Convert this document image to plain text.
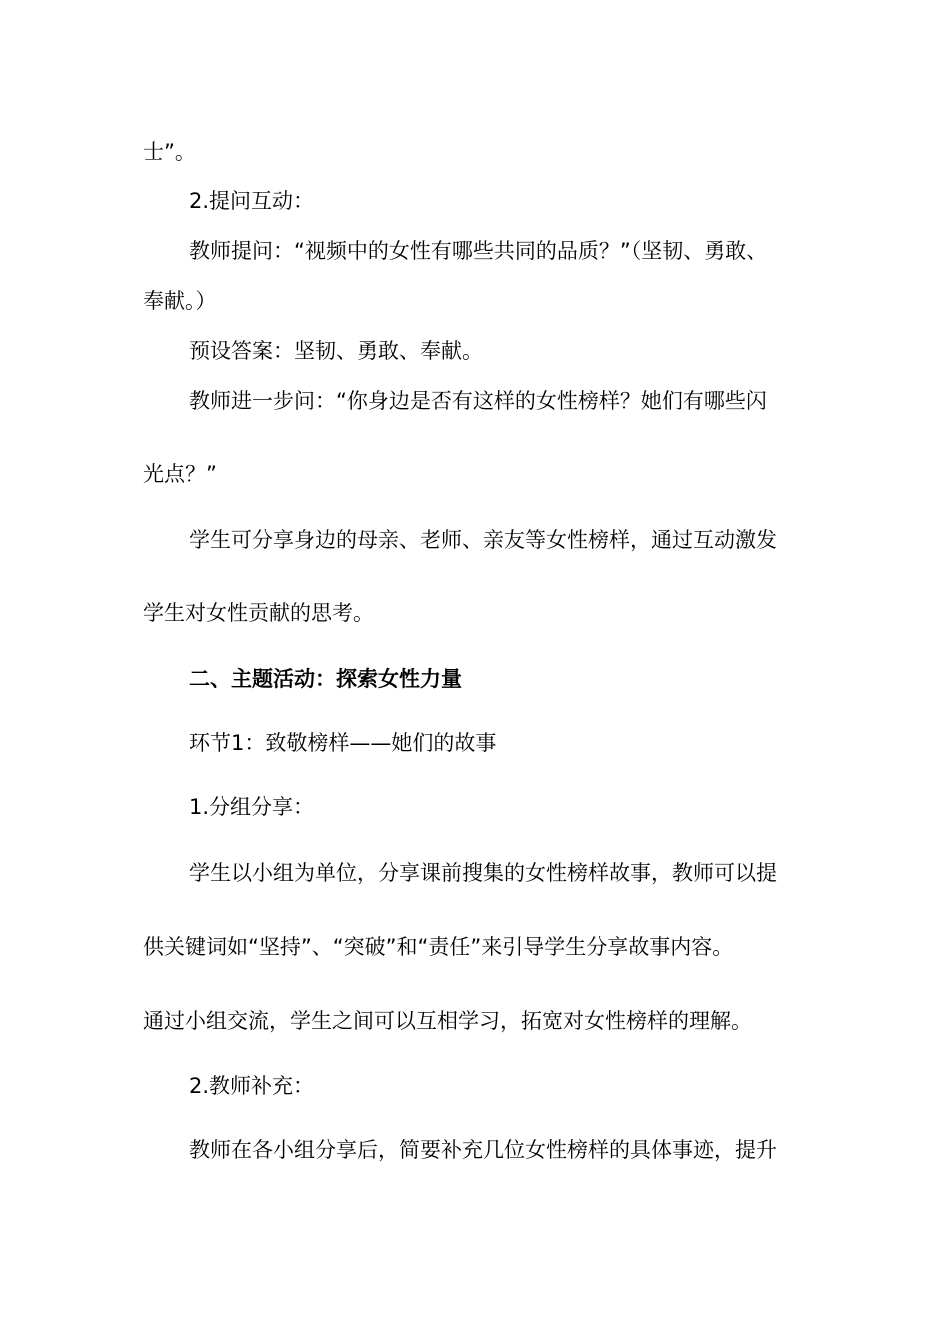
士”。
2.提问互动：
教师提问：“视频中的女性有哪些共同的品质？”（坚韧、勇敢、
奉献。）
预设答案：坚韧、勇敢、奉献。
教师进一步问：“你身边是否有这样的女性榜样？她们有哪些闪
光点？”
学生可分享身边的母亲、老师、亲友等女性榜样，通过互动激发
学生对女性贡献的思考。
二、主题活动：探索女性力量
环节1：致敬榜样——她们的故事
1.分组分享：
学生以小组为单位，分享课前搜集的女性榜样故事，教师可以提
供关键词如“坚持”、“突破”和“责任”来引导学生分享故事内容。
通过小组交流，学生之间可以互相学习，拓宽对女性榜样的理解。
2.教师补充：
教师在各小组分享后，简要补充几位女性榜样的具体事迹，提升
